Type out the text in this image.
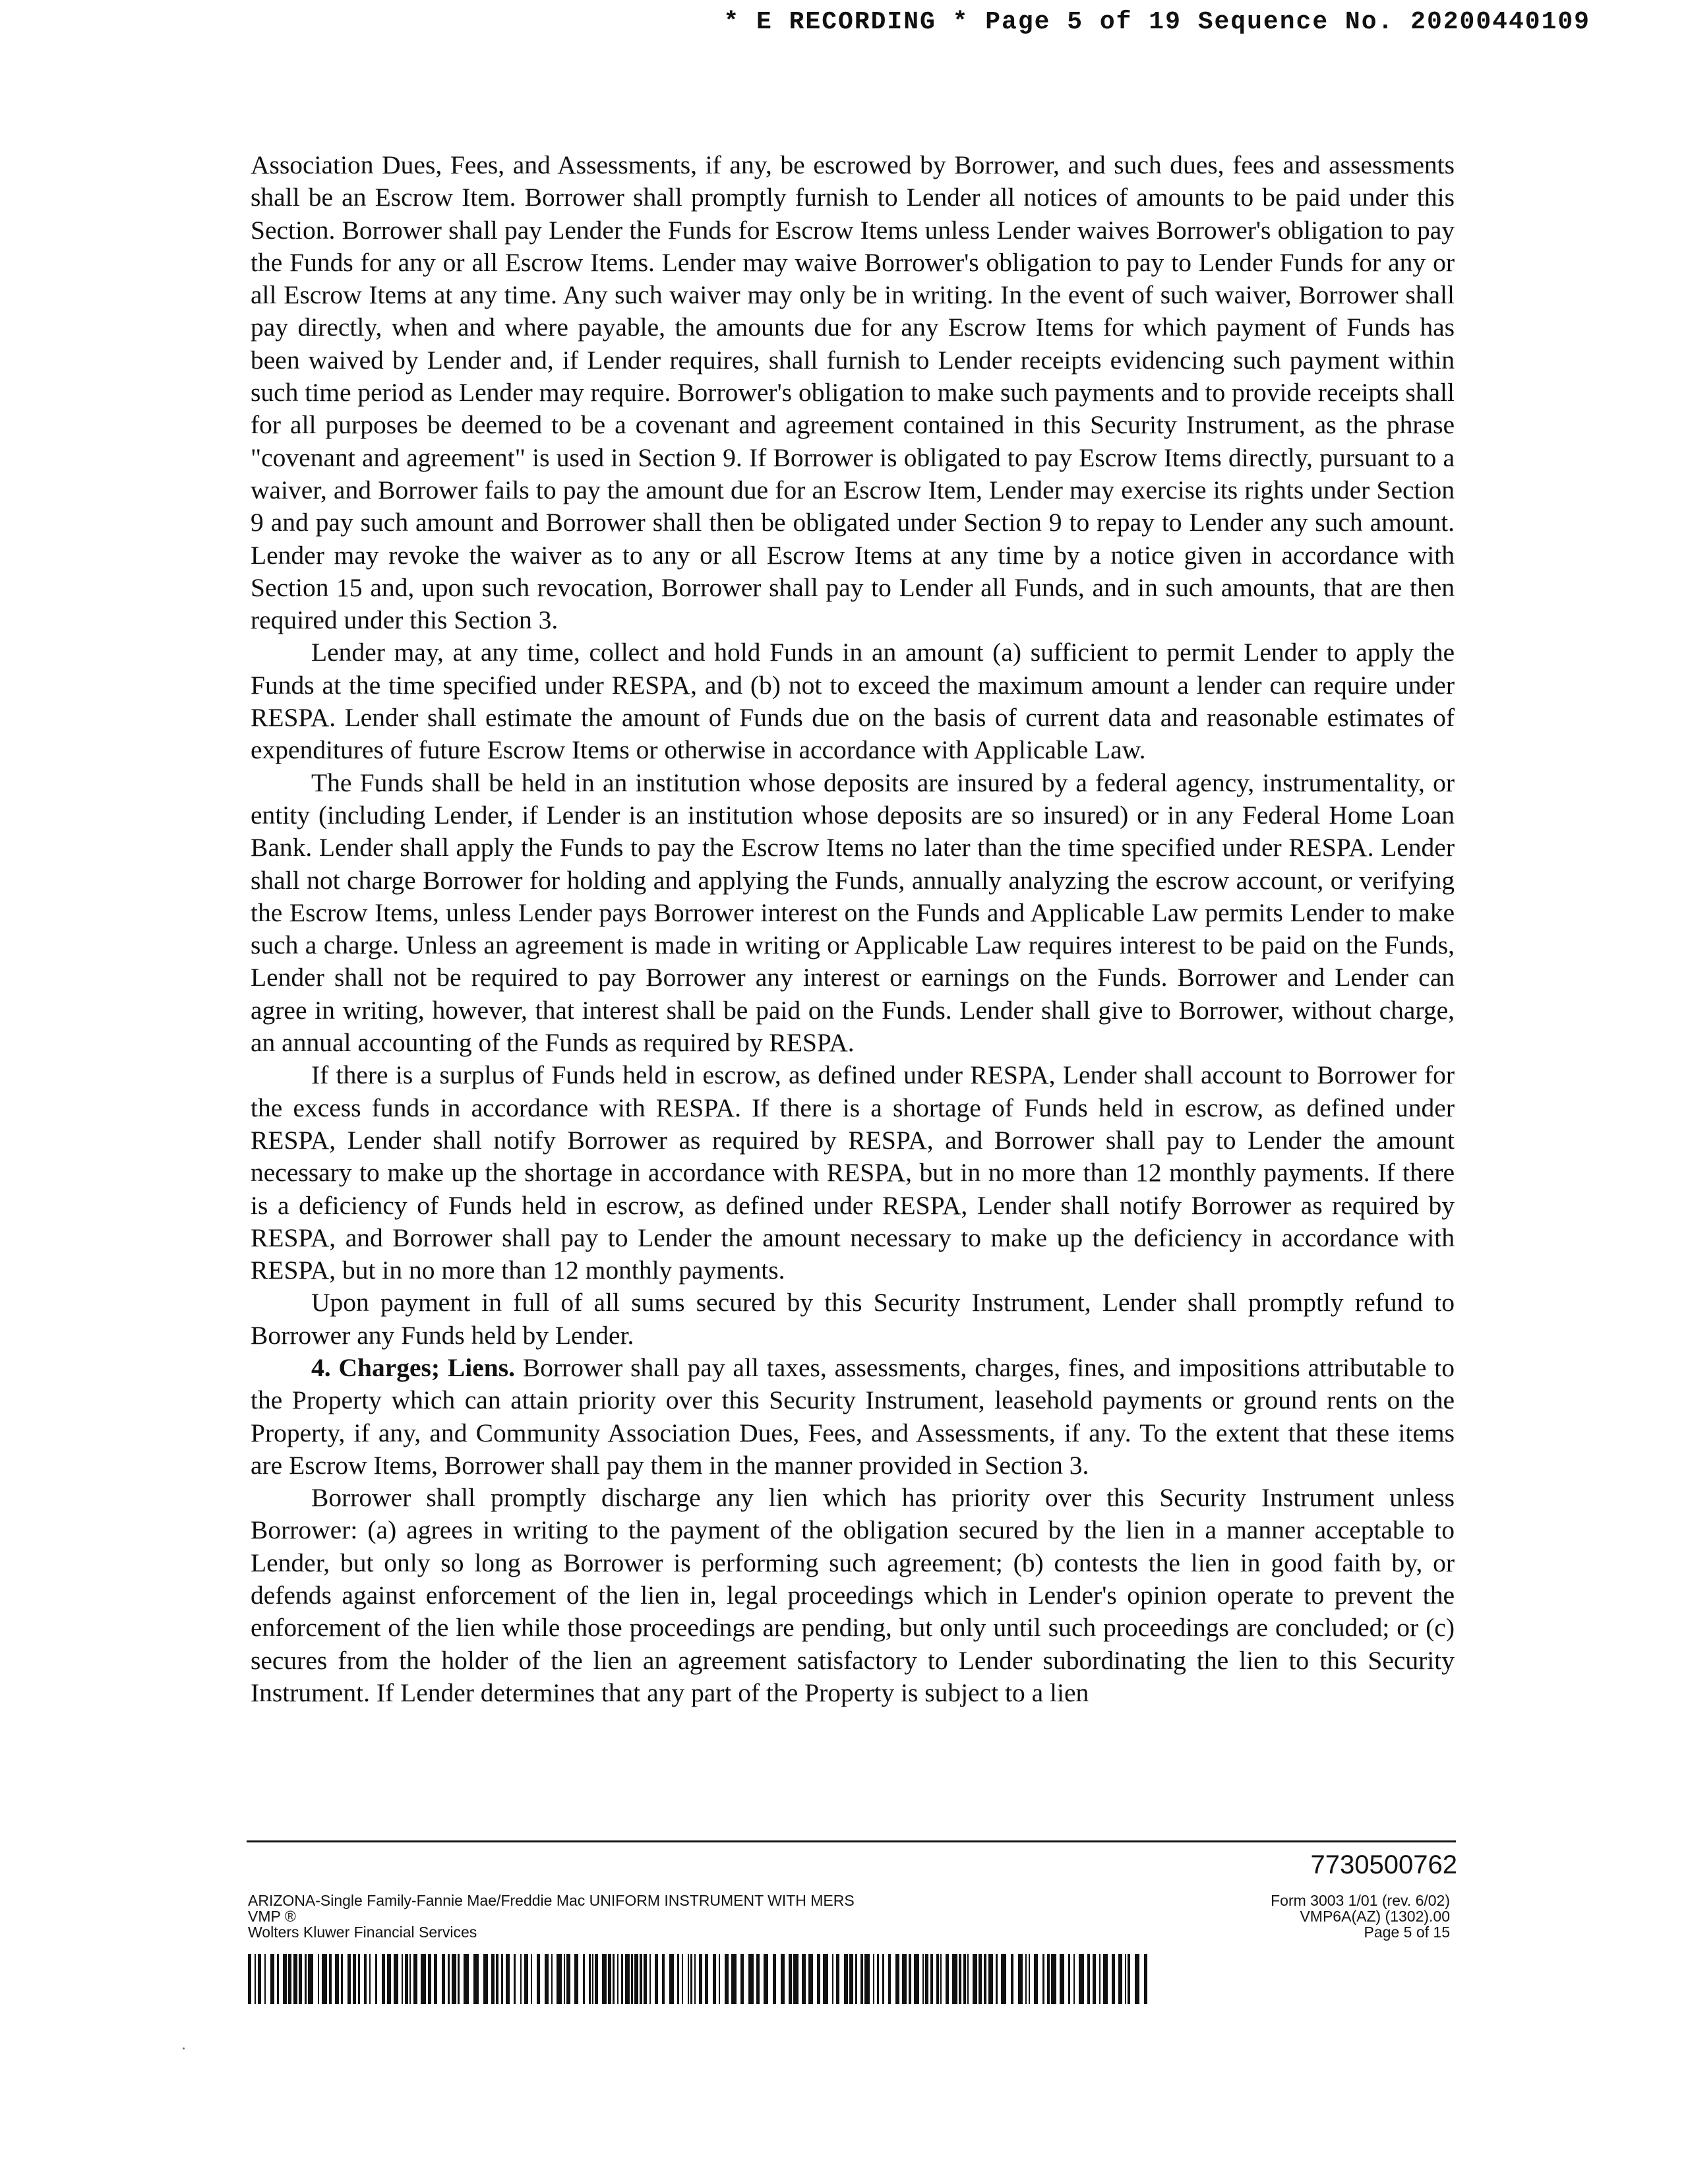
* E RECORDING * Page 5 of 19 Sequence No. 20200440109

Association Dues, Fees, and Assessments, if any, be escrowed by Borrower, and such dues, fees and assessments shall be an Escrow Item. Borrower shall promptly furnish to Lender all notices of amounts to be paid under this Section. Borrower shall pay Lender the Funds for Escrow Items unless Lender waives Borrower's obligation to pay the Funds for any or all Escrow Items. Lender may waive Borrower's obligation to pay to Lender Funds for any or all Escrow Items at any time. Any such waiver may only be in writing. In the event of such waiver, Borrower shall pay directly, when and where payable, the amounts due for any Escrow Items for which payment of Funds has been waived by Lender and, if Lender requires, shall furnish to Lender receipts evidencing such payment within such time period as Lender may require. Borrower's obligation to make such payments and to provide receipts shall for all purposes be deemed to be a covenant and agreement contained in this Security Instrument, as the phrase "covenant and agreement" is used in Section 9. If Borrower is obligated to pay Escrow Items directly, pursuant to a waiver, and Borrower fails to pay the amount due for an Escrow Item, Lender may exercise its rights under Section 9 and pay such amount and Borrower shall then be obligated under Section 9 to repay to Lender any such amount. Lender may revoke the waiver as to any or all Escrow Items at any time by a notice given in accordance with Section 15 and, upon such revocation, Borrower shall pay to Lender all Funds, and in such amounts, that are then required under this Section 3.

Lender may, at any time, collect and hold Funds in an amount (a) sufficient to permit Lender to apply the Funds at the time specified under RESPA, and (b) not to exceed the maximum amount a lender can require under RESPA. Lender shall estimate the amount of Funds due on the basis of current data and reasonable estimates of expenditures of future Escrow Items or otherwise in accordance with Applicable Law.

The Funds shall be held in an institution whose deposits are insured by a federal agency, instrumentality, or entity (including Lender, if Lender is an institution whose deposits are so insured) or in any Federal Home Loan Bank. Lender shall apply the Funds to pay the Escrow Items no later than the time specified under RESPA. Lender shall not charge Borrower for holding and applying the Funds, annually analyzing the escrow account, or verifying the Escrow Items, unless Lender pays Borrower interest on the Funds and Applicable Law permits Lender to make such a charge. Unless an agreement is made in writing or Applicable Law requires interest to be paid on the Funds, Lender shall not be required to pay Borrower any interest or earnings on the Funds. Borrower and Lender can agree in writing, however, that interest shall be paid on the Funds. Lender shall give to Borrower, without charge, an annual accounting of the Funds as required by RESPA.

If there is a surplus of Funds held in escrow, as defined under RESPA, Lender shall account to Borrower for the excess funds in accordance with RESPA. If there is a shortage of Funds held in escrow, as defined under RESPA, Lender shall notify Borrower as required by RESPA, and Borrower shall pay to Lender the amount necessary to make up the shortage in accordance with RESPA, but in no more than 12 monthly payments. If there is a deficiency of Funds held in escrow, as defined under RESPA, Lender shall notify Borrower as required by RESPA, and Borrower shall pay to Lender the amount necessary to make up the deficiency in accordance with RESPA, but in no more than 12 monthly payments.

Upon payment in full of all sums secured by this Security Instrument, Lender shall promptly refund to Borrower any Funds held by Lender.

4. Charges; Liens. Borrower shall pay all taxes, assessments, charges, fines, and impositions attributable to the Property which can attain priority over this Security Instrument, leasehold payments or ground rents on the Property, if any, and Community Association Dues, Fees, and Assessments, if any. To the extent that these items are Escrow Items, Borrower shall pay them in the manner provided in Section 3.

Borrower shall promptly discharge any lien which has priority over this Security Instrument unless Borrower: (a) agrees in writing to the payment of the obligation secured by the lien in a manner acceptable to Lender, but only so long as Borrower is performing such agreement; (b) contests the lien in good faith by, or defends against enforcement of the lien in, legal proceedings which in Lender's opinion operate to prevent the enforcement of the lien while those proceedings are pending, but only until such proceedings are concluded; or (c) secures from the holder of the lien an agreement satisfactory to Lender subordinating the lien to this Security Instrument. If Lender determines that any part of the Property is subject to a lien

7730500762
ARIZONA-Single Family-Fannie Mae/Freddie Mac UNIFORM INSTRUMENT WITH MERS
VMP ®
Wolters Kluwer Financial Services
Form 3003 1/01 (rev. 6/02)
VMP6A(AZ) (1302).00
Page 5 of 15
